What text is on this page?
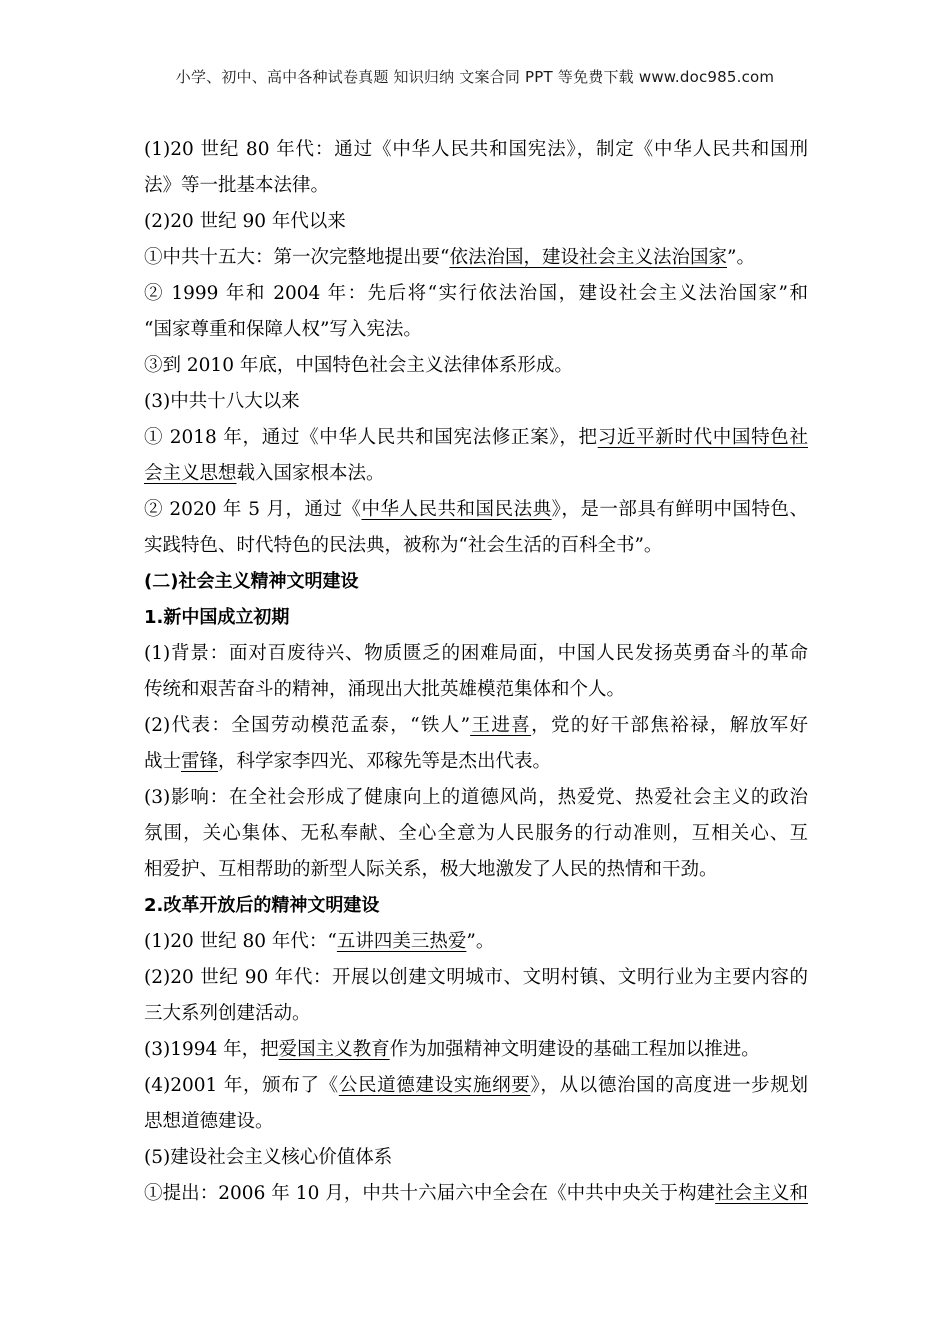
小学、初中、高中各种试卷真题 知识归纳 文案合同 PPT 等免费下载 www.doc985.com
(1)20 世纪 80 年代：通过《中华人民共和国宪法》，制定《中华人民共和国刑
法》等一批基本法律。
(2)20 世纪 90 年代以来
①中共十五大：第一次完整地提出要“依法治国，建设社会主义法治国家”。
② 1999 年和 2004 年：先后将“实行依法治国，建设社会主义法治国家”和
“国家尊重和保障人权”写入宪法。
③到 2010 年底，中国特色社会主义法律体系形成。
(3)中共十八大以来
① 2018 年，通过《中华人民共和国宪法修正案》，把习近平新时代中国特色社
会主义思想载入国家根本法。
② 2020 年 5 月，通过《中华人民共和国民法典》，是一部具有鲜明中国特色、
实践特色、时代特色的民法典，被称为“社会生活的百科全书”。
(二)社会主义精神文明建设
1.新中国成立初期
(1)背景：面对百废待兴、物质匮乏的困难局面，中国人民发扬英勇奋斗的革命
传统和艰苦奋斗的精神，涌现出大批英雄模范集体和个人。
(2)代表：全国劳动模范孟泰，“铁人”王进喜，党的好干部焦裕禄，解放军好
战士雷锋，科学家李四光、邓稼先等是杰出代表。
(3)影响：在全社会形成了健康向上的道德风尚，热爱党、热爱社会主义的政治
氛围，关心集体、无私奉献、全心全意为人民服务的行动准则，互相关心、互
相爱护、互相帮助的新型人际关系，极大地激发了人民的热情和干劲。
2.改革开放后的精神文明建设
(1)20 世纪 80 年代：“五讲四美三热爱”。
(2)20 世纪 90 年代：开展以创建文明城市、文明村镇、文明行业为主要内容的
三大系列创建活动。
(3)1994 年，把爱国主义教育作为加强精神文明建设的基础工程加以推进。
(4)2001 年，颁布了《公民道德建设实施纲要》，从以德治国的高度进一步规划
思想道德建设。
(5)建设社会主义核心价值体系
①提出：2006 年 10 月，中共十六届六中全会在《中共中央关于构建社会主义和
